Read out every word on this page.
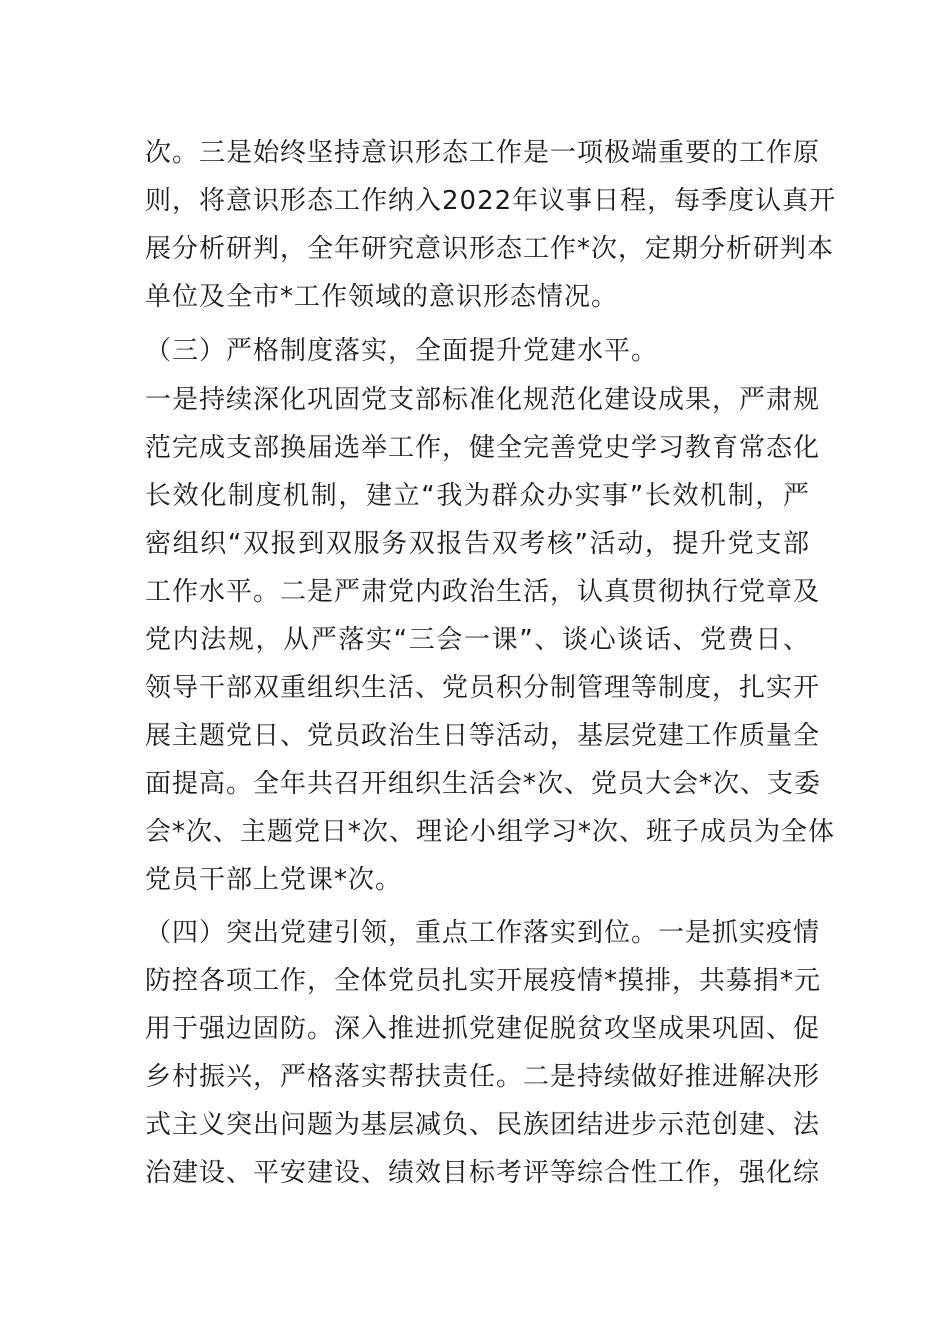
次。三是始终坚持意识形态工作是一项极端重要的工作原
则，将意识形态工作纳入2022年议事日程，每季度认真开
展分析研判，全年研究意识形态工作*次，定期分析研判本
单位及全市*工作领域的意识形态情况。
（三）严格制度落实，全面提升党建水平。
一是持续深化巩固党支部标准化规范化建设成果，严肃规
范完成支部换届选举工作，健全完善党史学习教育常态化
长效化制度机制，建立“我为群众办实事”长效机制，严
密组织“双报到双服务双报告双考核”活动，提升党支部
工作水平。二是严肃党内政治生活，认真贯彻执行党章及
党内法规，从严落实“三会一课”、谈心谈话、党费日、
领导干部双重组织生活、党员积分制管理等制度，扎实开
展主题党日、党员政治生日等活动，基层党建工作质量全
面提高。全年共召开组织生活会*次、党员大会*次、支委
会*次、主题党日*次、理论小组学习*次、班子成员为全体
党员干部上党课*次。
（四）突出党建引领，重点工作落实到位。一是抓实疫情
防控各项工作，全体党员扎实开展疫情*摸排，共募捐*元
用于强边固防。深入推进抓党建促脱贫攻坚成果巩固、促
乡村振兴，严格落实帮扶责任。二是持续做好推进解决形
式主义突出问题为基层减负、民族团结进步示范创建、法
治建设、平安建设、绩效目标考评等综合性工作，强化综
